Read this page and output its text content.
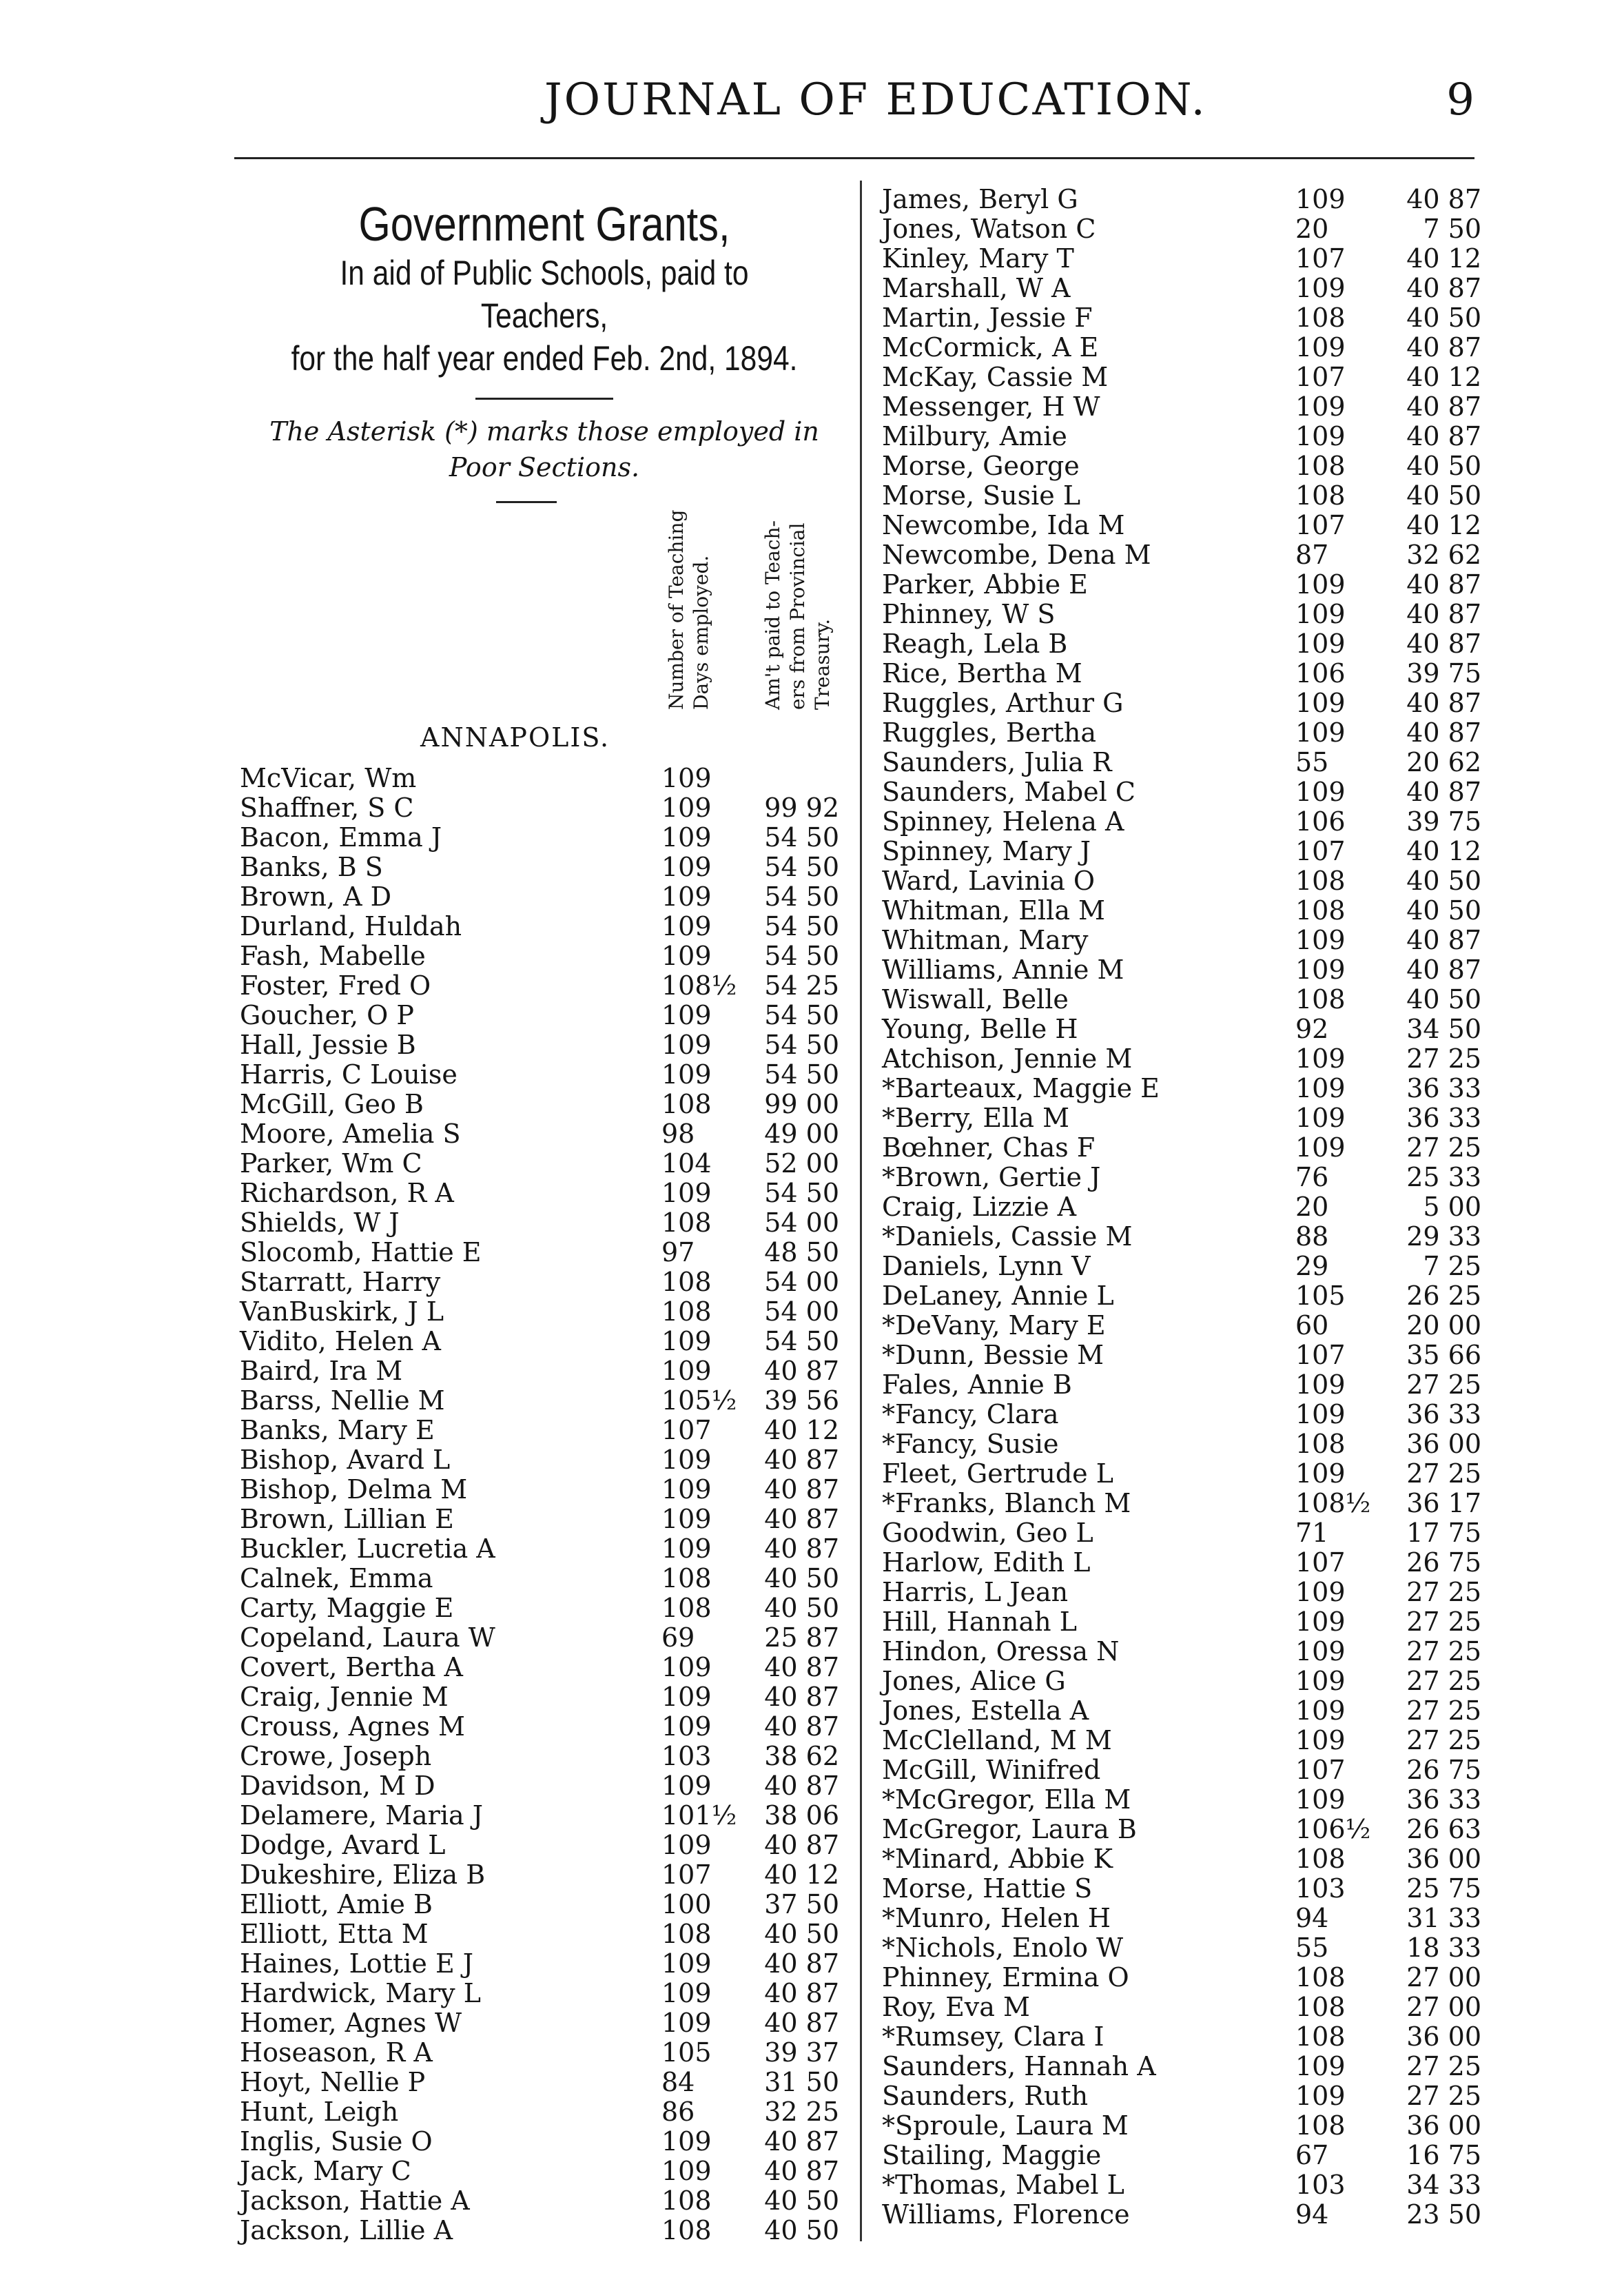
JOURNAL OF EDUCATION.	9
Government Grants,
In aid of Public Schools, paid to Teachers,
for the half year ended Feb. 2nd, 1894.
The Asterisk (*) marks those employed in
Poor Sections.
Number of Teaching Days employed.	Am't paid to Teach- ers from Provincial Treasury.
ANNAPOLIS.
McVicar, Wm	109
Shaffner, S C	109	99 92
Bacon, Emma J	109	54 50
Banks, B S	109	54 50
Brown, A D	109	54 50
Durland, Huldah	109	54 50
Fash, Mabelle	109	54 50
Foster, Fred O	108½	54 25
Goucher, O P	109	54 50
Hall, Jessie B	109	54 50
Harris, C Louise	109	54 50
McGill, Geo B	108	99 00
Moore, Amelia S	98	49 00
Parker, Wm C	104	52 00
Richardson, R A	109	54 50
Shields, W J	108	54 00
Slocomb, Hattie E	97	48 50
Starratt, Harry	108	54 00
VanBuskirk, J L	108	54 00
Vidito, Helen A	109	54 50
Baird, Ira M	109	40 87
Barss, Nellie M	105½	39 56
Banks, Mary E	107	40 12
Bishop, Avard L	109	40 87
Bishop, Delma M	109	40 87
Brown, Lillian E	109	40 87
Buckler, Lucretia A	109	40 87
Calnek, Emma	108	40 50
Carty, Maggie E	108	40 50
Copeland, Laura W	69	25 87
Covert, Bertha A	109	40 87
Craig, Jennie M	109	40 87
Crouss, Agnes M	109	40 87
Crowe, Joseph	103	38 62
Davidson, M D	109	40 87
Delamere, Maria J	101½	38 06
Dodge, Avard L	109	40 87
Dukeshire, Eliza B	107	40 12
Elliott, Amie B	100	37 50
Elliott, Etta M	108	40 50
Haines, Lottie E J	109	40 87
Hardwick, Mary L	109	40 87
Homer, Agnes W	109	40 87
Hoseason, R A	105	39 37
Hoyt, Nellie P	84	31 50
Hunt, Leigh	86	32 25
Inglis, Susie O	109	40 87
Jack, Mary C	109	40 87
Jackson, Hattie A	108	40 50
Jackson, Lillie A	108	40 50
James, Beryl G	109	40 87
Jones, Watson C	20	7 50
Kinley, Mary T	107	40 12
Marshall, W A	109	40 87
Martin, Jessie F	108	40 50
McCormick, A E	109	40 87
McKay, Cassie M	107	40 12
Messenger, H W	109	40 87
Milbury, Amie	109	40 87
Morse, George	108	40 50
Morse, Susie L	108	40 50
Newcombe, Ida M	107	40 12
Newcombe, Dena M	87	32 62
Parker, Abbie E	109	40 87
Phinney, W S	109	40 87
Reagh, Lela B	109	40 87
Rice, Bertha M	106	39 75
Ruggles, Arthur G	109	40 87
Ruggles, Bertha	109	40 87
Saunders, Julia R	55	20 62
Saunders, Mabel C	109	40 87
Spinney, Helena A	106	39 75
Spinney, Mary J	107	40 12
Ward, Lavinia O	108	40 50
Whitman, Ella M	108	40 50
Whitman, Mary	109	40 87
Williams, Annie M	109	40 87
Wiswall, Belle	108	40 50
Young, Belle H	92	34 50
Atchison, Jennie M	109	27 25
*Barteaux, Maggie E	109	36 33
*Berry, Ella M	109	36 33
Bœhner, Chas F	109	27 25
*Brown, Gertie J	76	25 33
Craig, Lizzie A	20	5 00
*Daniels, Cassie M	88	29 33
Daniels, Lynn V	29	7 25
DeLaney, Annie L	105	26 25
*DeVany, Mary E	60	20 00
*Dunn, Bessie M	107	35 66
Fales, Annie B	109	27 25
*Fancy, Clara	109	36 33
*Fancy, Susie	108	36 00
Fleet, Gertrude L	109	27 25
*Franks, Blanch M	108½	36 17
Goodwin, Geo L	71	17 75
Harlow, Edith L	107	26 75
Harris, L Jean	109	27 25
Hill, Hannah L	109	27 25
Hindon, Oressa N	109	27 25
Jones, Alice G	109	27 25
Jones, Estella A	109	27 25
McClelland, M M	109	27 25
McGill, Winifred	107	26 75
*McGregor, Ella M	109	36 33
McGregor, Laura B	106½	26 63
*Minard, Abbie K	108	36 00
Morse, Hattie S	103	25 75
*Munro, Helen H	94	31 33
*Nichols, Enolo W	55	18 33
Phinney, Ermina O	108	27 00
Roy, Eva M	108	27 00
*Rumsey, Clara I	108	36 00
Saunders, Hannah A	109	27 25
Saunders, Ruth	109	27 25
*Sproule, Laura M	108	36 00
Stailing, Maggie	67	16 75
*Thomas, Mabel L	103	34 33
Williams, Florence	94	23 50
